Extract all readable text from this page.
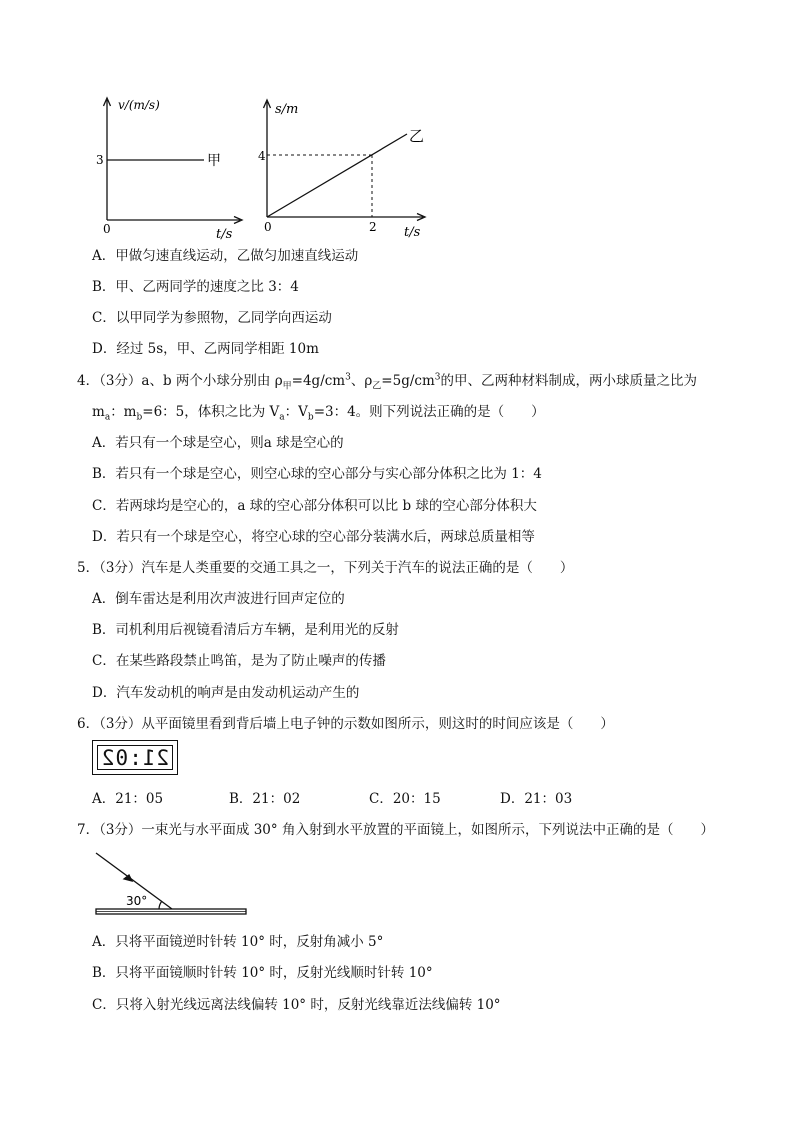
v/(m/s)
3
0	t/s
甲
s/m
4
0	2 t/s
乙
A．甲做匀速直线运动，乙做匀加速直线运动
B．甲、乙两同学的速度之比 3：4
C．以甲同学为参照物，乙同学向西运动
D．经过 5s，甲、乙两同学相距 10m
4．（3分）a、b 两个小球分别由 $\rho_甲=4g/cm^3$、$\rho_乙=5g/cm^3$的甲、乙两种材料制成，两小球质量之比为
$m_a$：$m_b=6$：5，体积之比为 $V_a$：$V_b=3$：4。则下列说法正确的是（　　）
A．若只有一个球是空心，则a 球是空心的
B．若只有一个球是空心，则空心球的空心部分与实心部分体积之比为 1：4
C．若两球均是空心的，a 球的空心部分体积可以比 b 球的空心部分体积大
D．若只有一个球是空心，将空心球的空心部分装满水后，两球总质量相等
5．（3分）汽车是人类重要的交通工具之一，下列关于汽车的说法正确的是（　　）
A．倒车雷达是利用次声波进行回声定位的
B．司机利用后视镜看清后方车辆，是利用光的反射
C．在某些路段禁止鸣笛，是为了防止噪声的传播
D．汽车发动机的响声是由发动机运动产生的
6．（3分）从平面镜里看到背后墙上电子钟的示数如图所示，则这时的时间应该是（　　）
21:02
A．21：05	B．21：02	C．20：15	D．21：03
7．（3分）一束光与水平面成 30° 角入射到水平放置的平面镜上，如图所示，下列说法中正确的是（　　）
30°
A．只将平面镜逆时针转 10° 时，反射角减小 5°
B．只将平面镜顺时针转 10° 时，反射光线顺时针转 10°
C．只将入射光线远离法线偏转 10° 时，反射光线靠近法线偏转 10°
